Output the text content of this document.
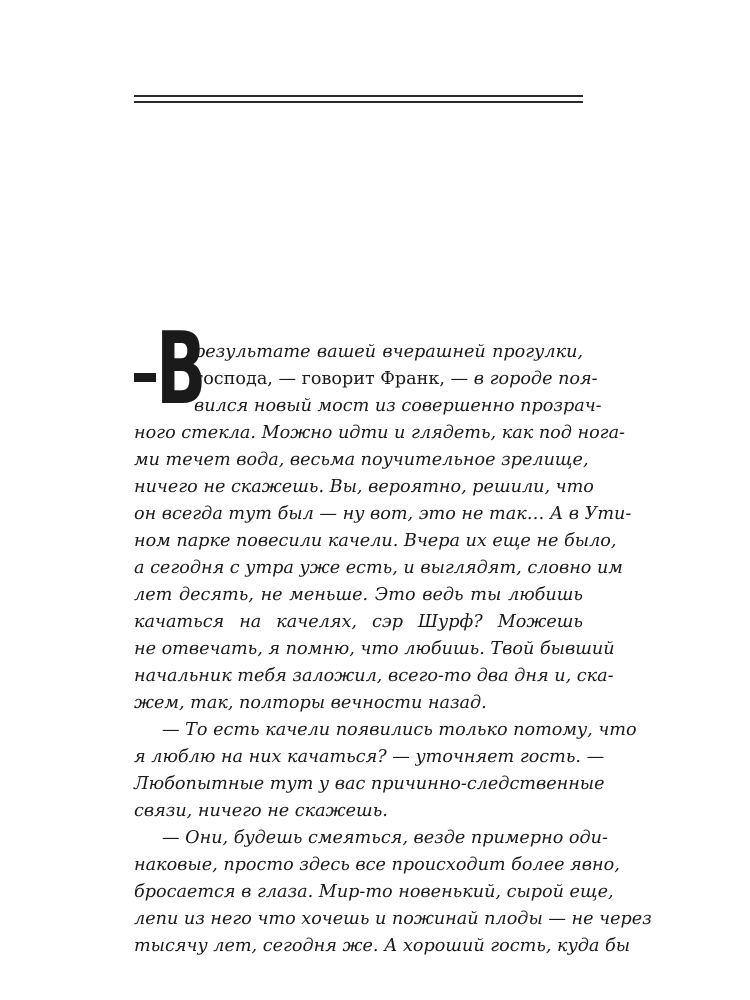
В
результате вашей вчерашней прогулки,
господа, — говорит Франк, — в городе поя-
вился новый мост из совершенно прозрач-
ного стекла. Можно идти и глядеть, как под нога-
ми течет вода, весьма поучительное зрелище,
ничего не скажешь. Вы, вероятно, решили, что
он всегда тут был — ну вот, это не так… А в Ути-
ном парке повесили качели. Вчера их еще не было,
а сегодня с утра уже есть, и выглядят, словно им
лет десять, не меньше. Это ведь ты любишь
качаться на качелях, сэр Шурф? Можешь
не отвечать, я помню, что любишь. Твой бывший
начальник тебя заложил, всего-то два дня и, ска-
жем, так, полторы вечности назад.
— То есть качели появились только потому, что
я люблю на них качаться? — уточняет гость. —
Любопытные тут у вас причинно-следственные
связи, ничего не скажешь.
— Они, будешь смеяться, везде примерно оди-
наковые, просто здесь все происходит более явно,
бросается в глаза. Мир-то новенький, сырой еще,
лепи из него что хочешь и пожинай плоды — не через
тысячу лет, сегодня же. А хороший гость, куда бы
